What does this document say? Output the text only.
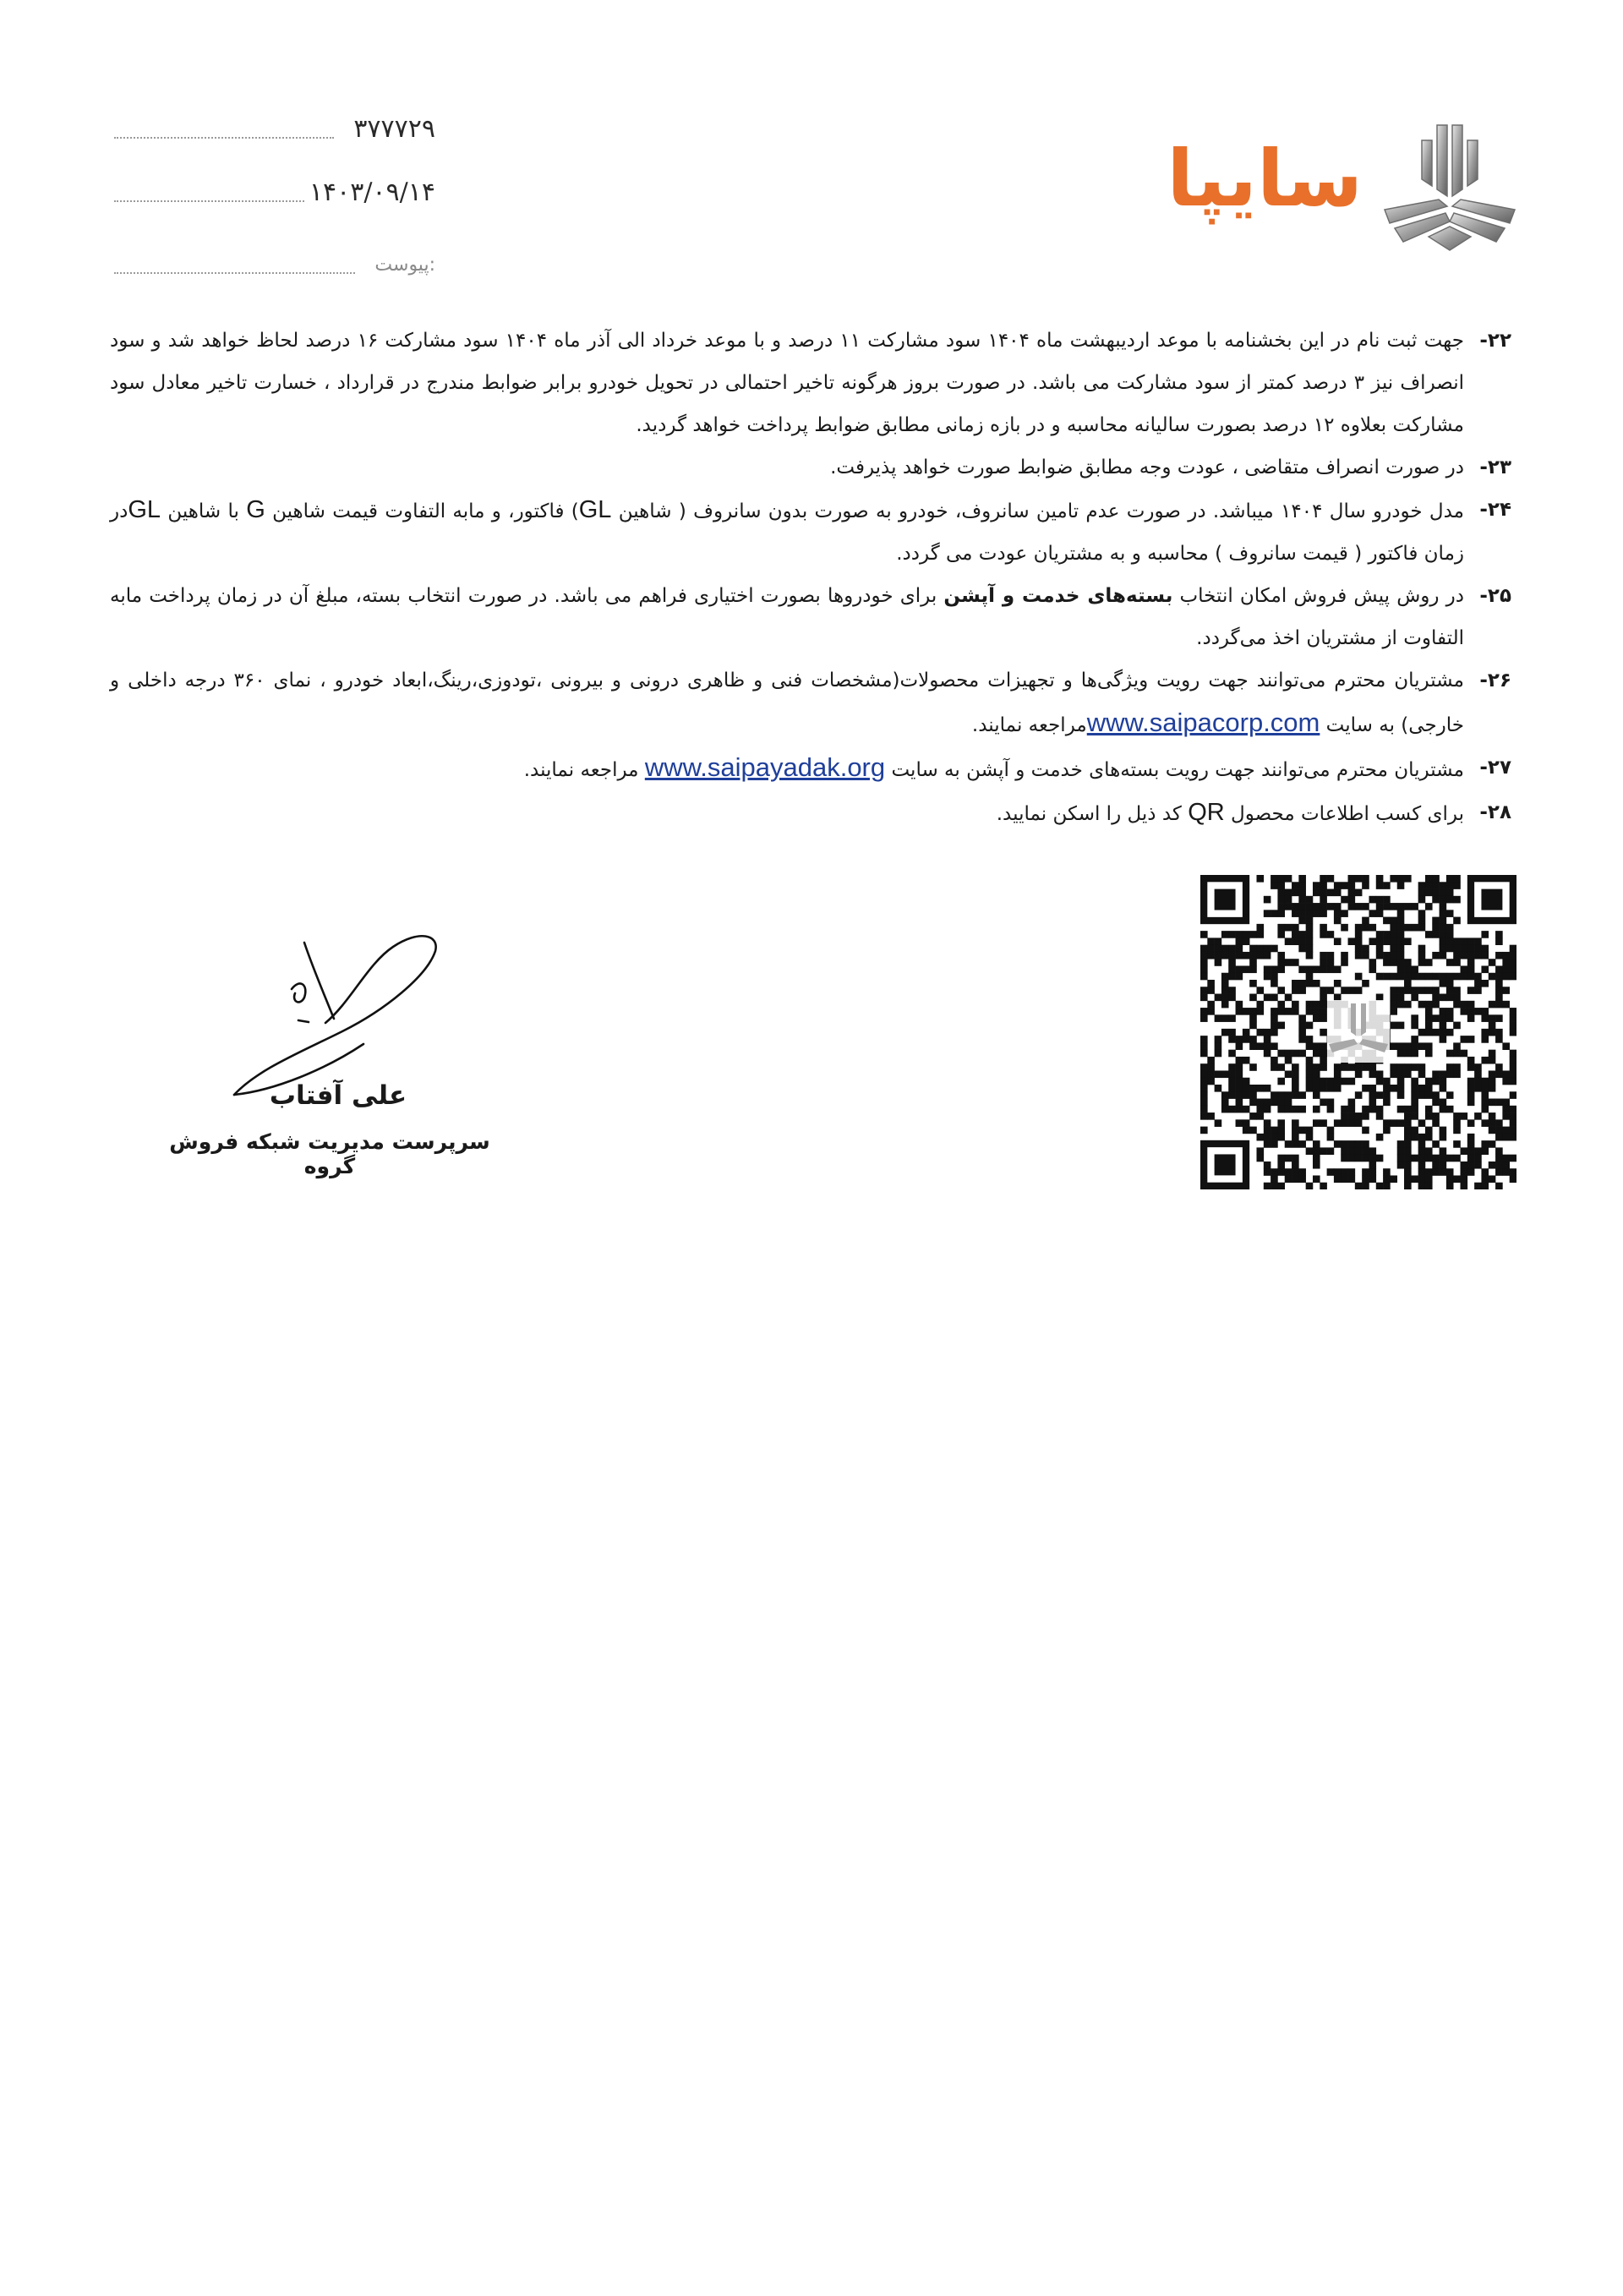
۳۷۷۷۲۹
۱۴۰۳/۰۹/۱۴
پیوست:
سایپا

۲۲-
جهت ثبت نام در این بخشنامه با موعد اردیبهشت ماه ۱۴۰۴ سود مشارکت ۱۱ درصد و با موعد خرداد الی آذر ماه ۱۴۰۴ سود مشارکت ۱۶ درصد لحاظ خواهد شد و سود انصراف نیز ۳ درصد کمتر از سود مشارکت می باشد. در صورت بروز هرگونه تاخیر احتمالی در تحویل خودرو برابر ضوابط مندرج در قرارداد ، خسارت تاخیر معادل سود مشارکت بعلاوه ۱۲ درصد بصورت سالیانه محاسبه و در بازه زمانی مطابق ضوابط پرداخت خواهد گردید.

۲۳-
در صورت انصراف متقاضی ، عودت وجه مطابق ضوابط صورت خواهد پذیرفت.

۲۴-
مدل خودرو سال ۱۴۰۴ میباشد. در صورت عدم تامین سانروف، خودرو به صورت بدون سانروف ( شاهین GL) فاکتور، و مابه التفاوت قیمت شاهین G با شاهین GLدر زمان فاکتور ( قیمت سانروف ) محاسبه و به مشتریان عودت می گردد.

۲۵-
در روش پیش فروش امکان انتخاب بسته‌های خدمت و آپشن برای خودروها بصورت اختیاری فراهم می باشد. در صورت انتخاب بسته، مبلغ آن در زمان پرداخت مابه التفاوت از مشتریان اخذ می‌گردد.

۲۶-
مشتریان محترم می‌توانند جهت رویت ویژگی‌ها و تجهیزات محصولات(مشخصات فنی و ظاهری درونی و بیرونی ،تودوزی،رینگ،ابعاد خودرو ، نمای ۳۶۰ درجه داخلی و خارجی) به سایت www.saipacorp.comمراجعه نمایند.

۲۷-
مشتریان محترم می‌توانند جهت رویت بسته‌های خدمت و آپشن به سایت www.saipayadak.org مراجعه نمایند.

۲۸-
برای کسب اطلاعات محصول QR کد ذیل را اسکن نمایید.

علی آفتاب
سرپرست مدیریت شبکه فروش گروه
